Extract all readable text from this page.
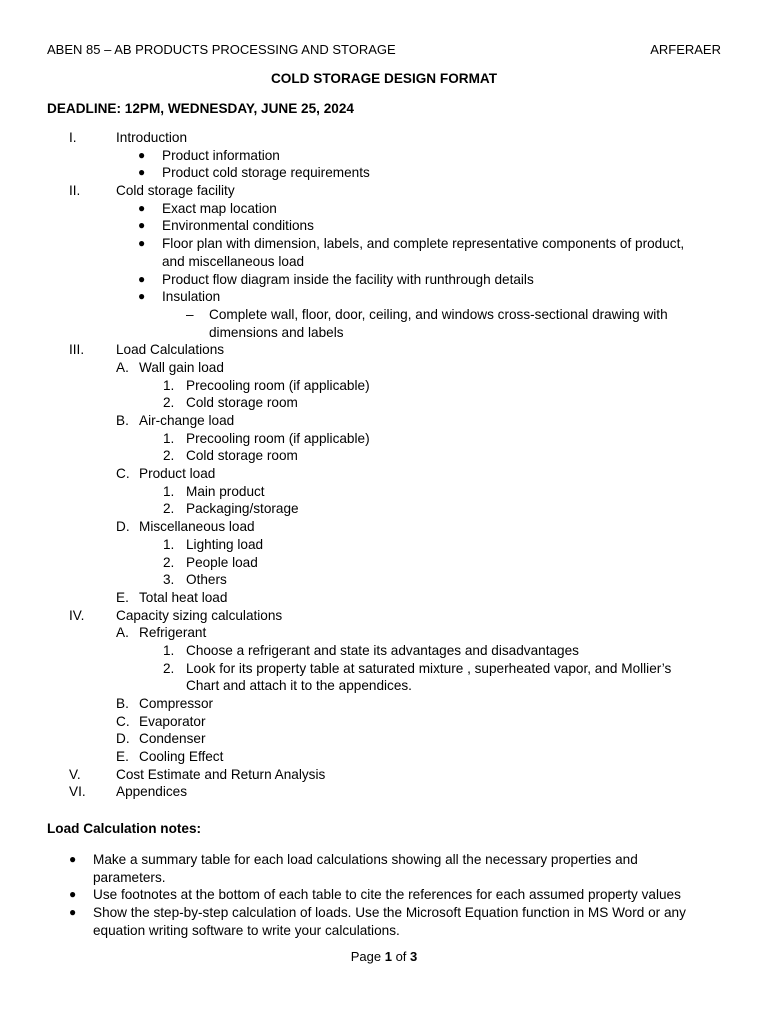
ABEN 85 – AB PRODUCTS PROCESSING AND STORAGE	ARFERAER
COLD STORAGE DESIGN FORMAT
DEADLINE: 12PM, WEDNESDAY, JUNE 25, 2024
I.	Introduction
● Product information
● Product cold storage requirements
II.	Cold storage facility
● Exact map location
● Environmental conditions
● Floor plan with dimension, labels, and complete representative components of product,
and miscellaneous load
● Product flow diagram inside the facility with runthrough details
● Insulation
– Complete wall, floor, door, ceiling, and windows cross-sectional drawing with
dimensions and labels
III. Load Calculations
A. Wall gain load
1. Precooling room (if applicable)
2. Cold storage room
B. Air-change load
1. Precooling room (if applicable)
2. Cold storage room
C. Product load
1. Main product
2. Packaging/storage
D. Miscellaneous load
1. Lighting load
2. People load
3. Others
E. Total heat load
IV. Capacity sizing calculations
A. Refrigerant
1. Choose a refrigerant and state its advantages and disadvantages
2. Look for its property table at saturated mixture , superheated vapor, and Mollier’s
Chart and attach it to the appendices.
B. Compressor
C. Evaporator
D. Condenser
E. Cooling Effect
V.	Cost Estimate and Return Analysis
VI. Appendices
Load Calculation notes:
● Make a summary table for each load calculations showing all the necessary properties and
parameters.
● Use footnotes at the bottom of each table to cite the references for each assumed property values
● Show the step-by-step calculation of loads. Use the Microsoft Equation function in MS Word or any
equation writing software to write your calculations.
Page 1 of 3
